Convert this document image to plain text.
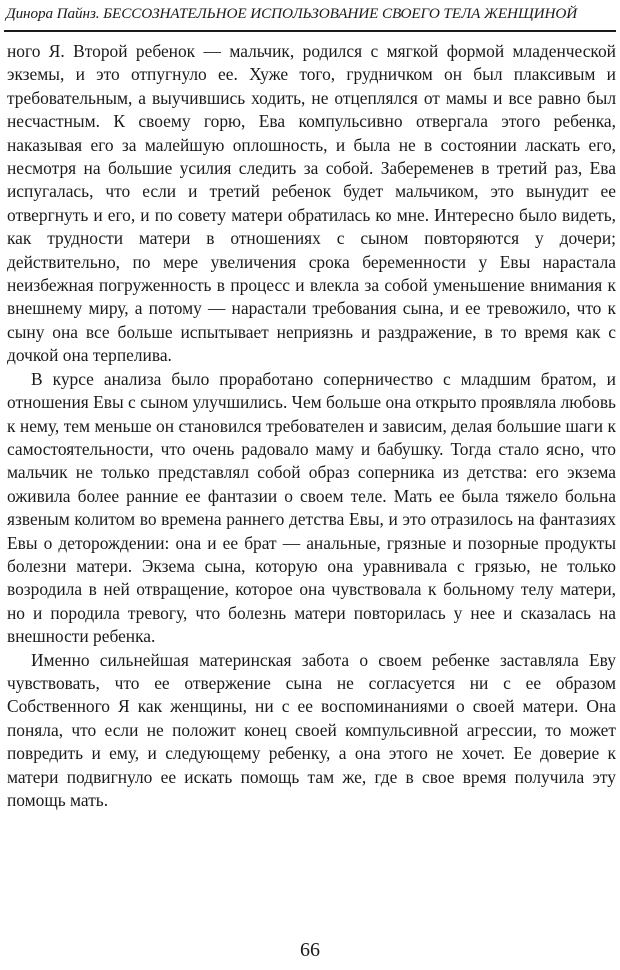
Динора Пайнз. БЕССОЗНАТЕЛЬНОЕ ИСПОЛЬЗОВАНИЕ СВОЕГО ТЕЛА ЖЕНЩИНОЙ

ного Я. Второй ребенок — мальчик, родился с мягкой формой младенческой экземы, и это отпугнуло ее. Хуже того, грудничком он был плаксивым и требовательным, а выучившись ходить, не отцеплялся от мамы и все равно был несчастным. К своему горю, Ева компульсивно отвергала этого ребенка, наказывая его за малейшую оплошность, и была не в состоянии ласкать его, несмотря на большие усилия следить за собой. Забеременев в третий раз, Ева испугалась, что если и третий ребенок будет мальчиком, это вынудит ее отвергнуть и его, и по совету матери обратилась ко мне. Интересно было видеть, как трудности матери в отношениях с сыном повторяются у дочери; действительно, по мере увеличения срока беременности у Евы нарастала неизбежная погруженность в процесс и влекла за собой уменьшение внимания к внешнему миру, а потому — нарастали требования сына, и ее тревожило, что к сыну она все больше испытывает неприязнь и раздражение, в то время как с дочкой она терпелива.

В курсе анализа было проработано соперничество с младшим братом, и отношения Евы с сыном улучшились. Чем больше она открыто проявляла любовь к нему, тем меньше он становился требователен и зависим, делая большие шаги к самостоятельности, что очень радовало маму и бабушку. Тогда стало ясно, что мальчик не только представлял собой образ соперника из детства: его экзема оживила более ранние ее фантазии о своем теле. Мать ее была тяжело больна язвеным колитом во времена раннего детства Евы, и это отразилось на фантазиях Евы о деторождении: она и ее брат — анальные, грязные и позорные продукты болезни матери. Экзема сына, которую она уравнивала с грязью, не только возродила в ней отвращение, которое она чувствовала к больному телу матери, но и породила тревогу, что болезнь матери повторилась у нее и сказалась на внешности ребенка.

Именно сильнейшая материнская забота о своем ребенке заставляла Еву чувствовать, что ее отвержение сына не согласуется ни с ее образом Собственного Я как женщины, ни с ее воспоминаниями о своей матери. Она поняла, что если не положит конец своей компульсивной агрессии, то может повредить и ему, и следующему ребенку, а она этого не хочет. Ее доверие к матери подвигнуло ее искать помощь там же, где в свое время получила эту помощь мать.

66
